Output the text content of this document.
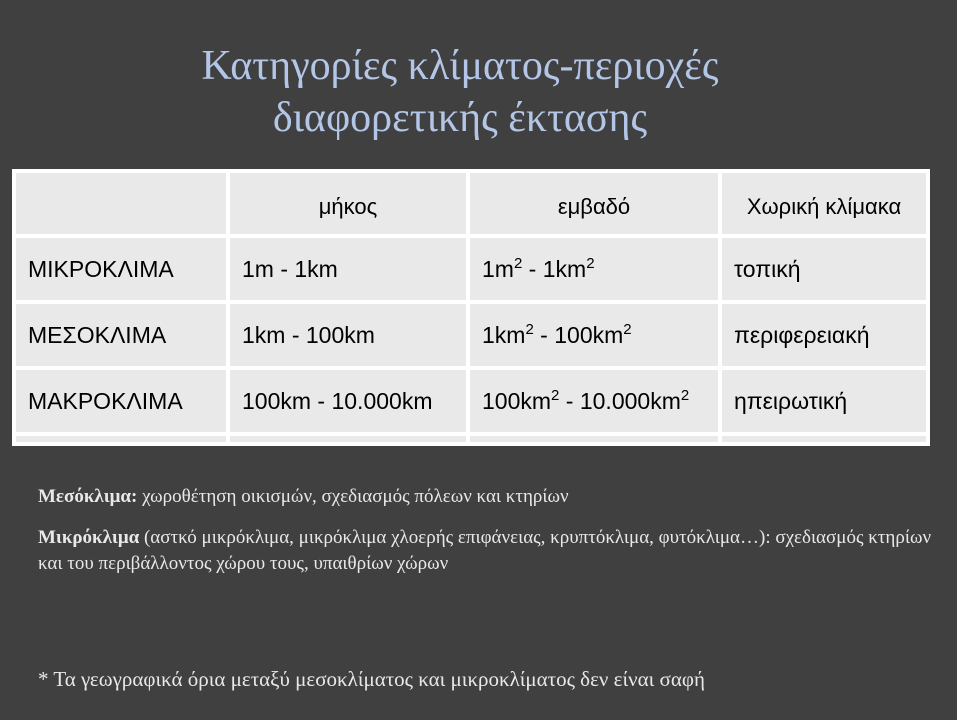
Κατηγορίες κλίματος-περιοχές
διαφορετικής έκτασης
	μήκος	εμβαδό	Χωρική κλίμακα
ΜΙΚΡΟΚΛΙΜΑ	1m - 1km	$1m^2 - 1km^2$	τοπική
ΜΕΣΟΚΛΙΜΑ	1km - 100km	$1km^2 - 100km^2$	περιφερειακή
ΜΑΚΡΟΚΛΙΜΑ	100km - 10.000km	$100km^2 - 10.000km^2$	ηπειρωτική

Μεσόκλιμα: χωροθέτηση οικισμών, σχεδιασμός πόλεων και κτηρίων

Μικρόκλιμα (αστκό μικρόκλιμα, μικρόκλιμα χλοερής επιφάνειας, κρυπτόκλιμα, φυτόκλιμα…): σχεδιασμός κτηρίων και του περιβάλλοντος χώρου τους, υπαιθρίων χώρων

* Τα γεωγραφικά όρια μεταξύ μεσοκλίματος και μικροκλίματος δεν είναι σαφή
